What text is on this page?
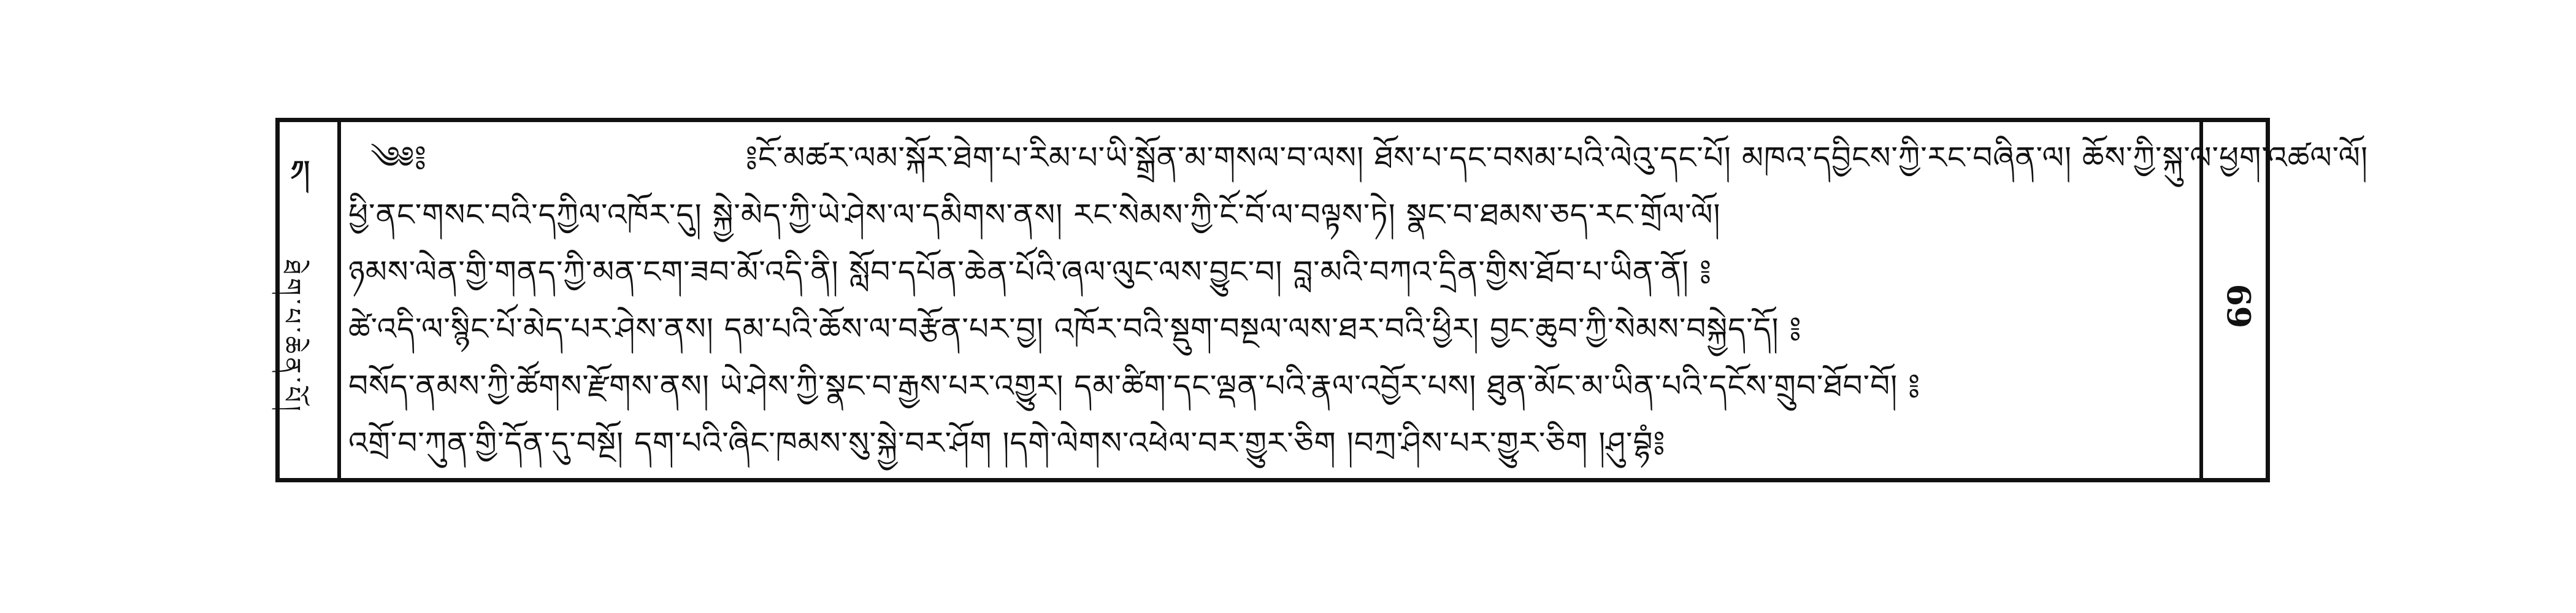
༡།
ཐེག་པ་ཆེན་པོ།
༄༅༔	༔ངོ་མཚར་ལམ་སྐོར་ཐེག་པ་རིམ་པ་ཡི་སྒྲོན་མ་གསལ་བ་ལས། ཐོས་པ་དང་བསམ་པའི་ལེའུ་དང་པོ། མཁའ་དབྱིངས་ཀྱི་རང་བཞིན་ལ། ཆོས་ཀྱི་སྐུ་ལ་ཕྱག་འཚལ་ལོ།
ཕྱི་ནང་གསང་བའི་དཀྱིལ་འཁོར་དུ། སྐྱེ་མེད་ཀྱི་ཡེ་ཤེས་ལ་དམིགས་ནས། རང་སེམས་ཀྱི་ངོ་བོ་ལ་བལྟས་ཏེ། སྣང་བ་ཐམས་ཅད་རང་གྲོལ་ལོ།
ཉམས་ལེན་གྱི་གནད་ཀྱི་མན་ངག་ཟབ་མོ་འདི་ནི། སློབ་དཔོན་ཆེན་པོའི་ཞལ་ལུང་ལས་བྱུང་བ། བླ་མའི་བཀའ་དྲིན་གྱིས་ཐོབ་པ་ཡིན་ནོ། ༔
ཚེ་འདི་ལ་སྙིང་པོ་མེད་པར་ཤེས་ནས། དམ་པའི་ཆོས་ལ་བརྩོན་པར་བྱ། འཁོར་བའི་སྡུག་བསྔལ་ལས་ཐར་བའི་ཕྱིར། བྱང་ཆུབ་ཀྱི་སེམས་བསྐྱེད་དོ། ༔
བསོད་ནམས་ཀྱི་ཚོགས་རྫོགས་ནས། ཡེ་ཤེས་ཀྱི་སྣང་བ་རྒྱས་པར་འགྱུར། དམ་ཚིག་དང་ལྡན་པའི་རྣལ་འབྱོར་པས། ཐུན་མོང་མ་ཡིན་པའི་དངོས་གྲུབ་ཐོབ་བོ། ༔
འགྲོ་བ་ཀུན་གྱི་དོན་དུ་བསྔོ། དག་པའི་ཞིང་ཁམས་སུ་སྐྱེ་བར་ཤོག །དགེ་ལེགས་འཕེལ་བར་གྱུར་ཅིག །བཀྲ་ཤིས་པར་གྱུར་ཅིག །ཤུ་བྷཾ༔
69
